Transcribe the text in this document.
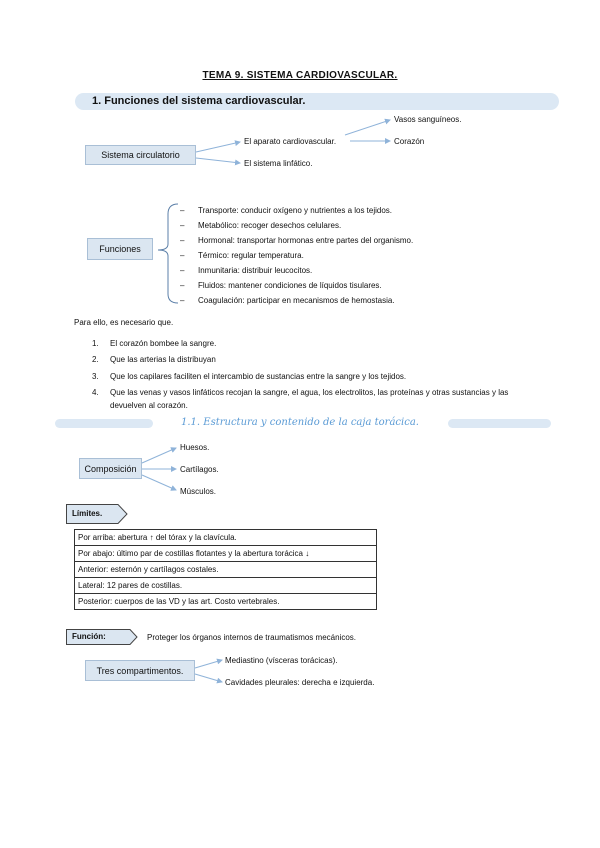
TEMA 9. SISTEMA CARDIOVASCULAR.
1. Funciones del sistema cardiovascular.
Sistema circulatorio
El aparato cardiovascular.
El sistema linfático.
Vasos sanguíneos.
Corazón
Funciones
–	Transporte: conducir oxígeno y nutrientes a los tejidos.
–	Metabólico: recoger desechos celulares.
–	Hormonal: transportar hormonas entre partes del organismo.
–	Térmico: regular temperatura.
–	Inmunitaria: distribuir leucocitos.
–	Fluidos: mantener condiciones de líquidos tisulares.
–	Coagulación: participar en mecanismos de hemostasia.
Para ello, es necesario que.
1.	El corazón bombee la sangre.
2.	Que las arterias la distribuyan
3.	Que los capilares faciliten el intercambio de sustancias entre la sangre y los tejidos.
4.	Que las venas y vasos linfáticos recojan la sangre, el agua, los electrolitos, las proteínas y otras sustancias y las devuelven al corazón.
1.1. Estructura y contenido de la caja torácica.
Composición
Huesos.
Cartílagos.
Músculos.
Límites.
Por arriba: abertura ↑ del tórax y la clavícula.
Por abajo: último par de costillas flotantes y la abertura torácica ↓
Anterior: esternón y cartílagos costales.
Lateral: 12 pares de costillas.
Posterior: cuerpos de las VD y las art. Costo vertebrales.
Función:	Proteger los órganos internos de traumatismos mecánicos.
Tres compartimentos.
Mediastino (vísceras torácicas).
Cavidades pleurales: derecha e izquierda.
